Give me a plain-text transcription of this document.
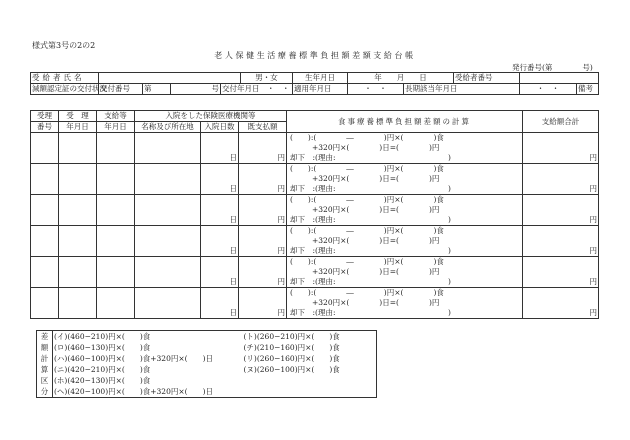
様式第3号の2の2
老人保健生活療養標準負担額差額支給台帳
発行番号(第　　　　号)
受給者氏名					男・女	生年月日	年　　月　　日		受給者番号		
減額認定証の交付状況	交付番号	第	号	交付年月日　 ・　・		適用年月日	・　・	長期該当年月日		・　・	備考
受理	受　理	支給等	入院をした保険医療機関等			食事療養標準負担額差額の計算	支給額合計
番号	年月日	年月日	名称及び所在地	入院日数	既支払額		
				日	円	(　　):(　　　　―　　　　)円×(　　　　)食
+320円×(　　　　)日=(　　　　)円
却下　:(理由:　　　　　　　　　　　　　　　)	円
				日	円	(　　):(　　　　―　　　　)円×(　　　　)食
+320円×(　　　　)日=(　　　　)円
却下　:(理由:　　　　　　　　　　　　　　　)	円
				日	円	(　　):(　　　　―　　　　)円×(　　　　)食
+320円×(　　　　)日=(　　　　)円
却下　:(理由:　　　　　　　　　　　　　　　)	円
				日	円	(　　):(　　　　―　　　　)円×(　　　　)食
+320円×(　　　　)日=(　　　　)円
却下　:(理由:　　　　　　　　　　　　　　　)	円
				日	円	(　　):(　　　　―　　　　)円×(　　　　)食
+320円×(　　　　)日=(　　　　)円
却下　:(理由:　　　　　　　　　　　　　　　)	円
				日	円	(　　):(　　　　―　　　　)円×(　　　　)食
+320円×(　　　　)日=(　　　　)円
却下　:(理由:　　　　　　　　　　　　　　　)	円
差	(イ)(460−210)円×(　　)食	(ト)(260−210)円×(　　)食
額	(ロ)(460−130)円×(　　)食	(チ)(210−160)円×(　　)食
計	(ハ)(460−100)円×(　　)食+320円×(　　)日	(リ)(260−160)円×(　　)食
算	(ニ)(420−210)円×(　　)食	(ヌ)(260−100)円×(　　)食
区	(ホ)(420−130)円×(　　)食	
分	(ヘ)(420−100)円×(　　)食+320円×(　　)日	
